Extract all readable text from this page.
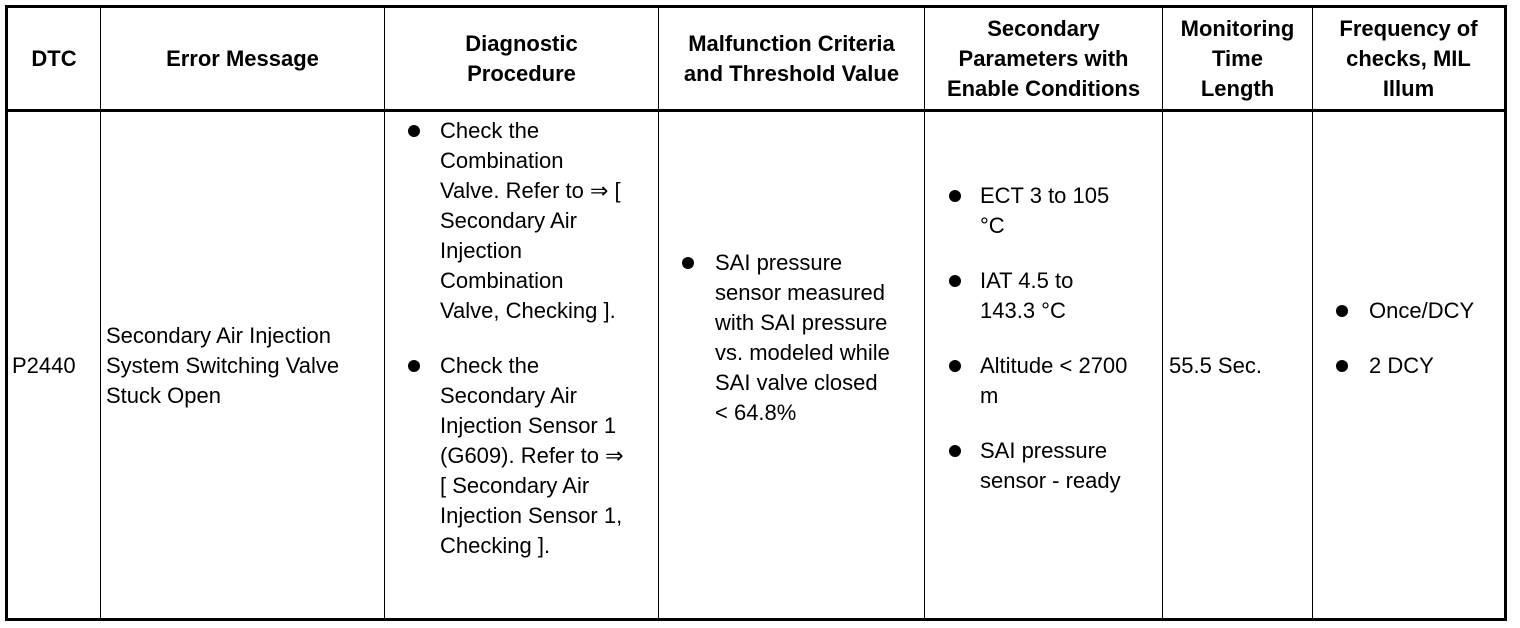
DTC	Error Message
Diagnostic
Procedure
Malfunction Criteria
and Threshold Value
Secondary
Parameters with
Enable Conditions
Monitoring
Time
Length
Frequency of
checks, MIL
Illum
P2440
Secondary Air Injection
System Switching Valve
Stuck Open
Check the
Combination
Valve. Refer to ⇒ [
Secondary Air
Injection
Combination
Valve, Checking ].
Check the
Secondary Air
Injection Sensor 1
(G609). Refer to ⇒
[ Secondary Air
Injection Sensor 1,
Checking ].
SAI pressure
sensor measured
with SAI pressure
vs. modeled while
SAI valve closed
< 64.8%
ECT 3 to 105
°C
IAT 4.5 to
143.3 °C
Altitude < 2700
m
SAI pressure
sensor - ready
55.5 Sec.
Once/DCY
2 DCY
